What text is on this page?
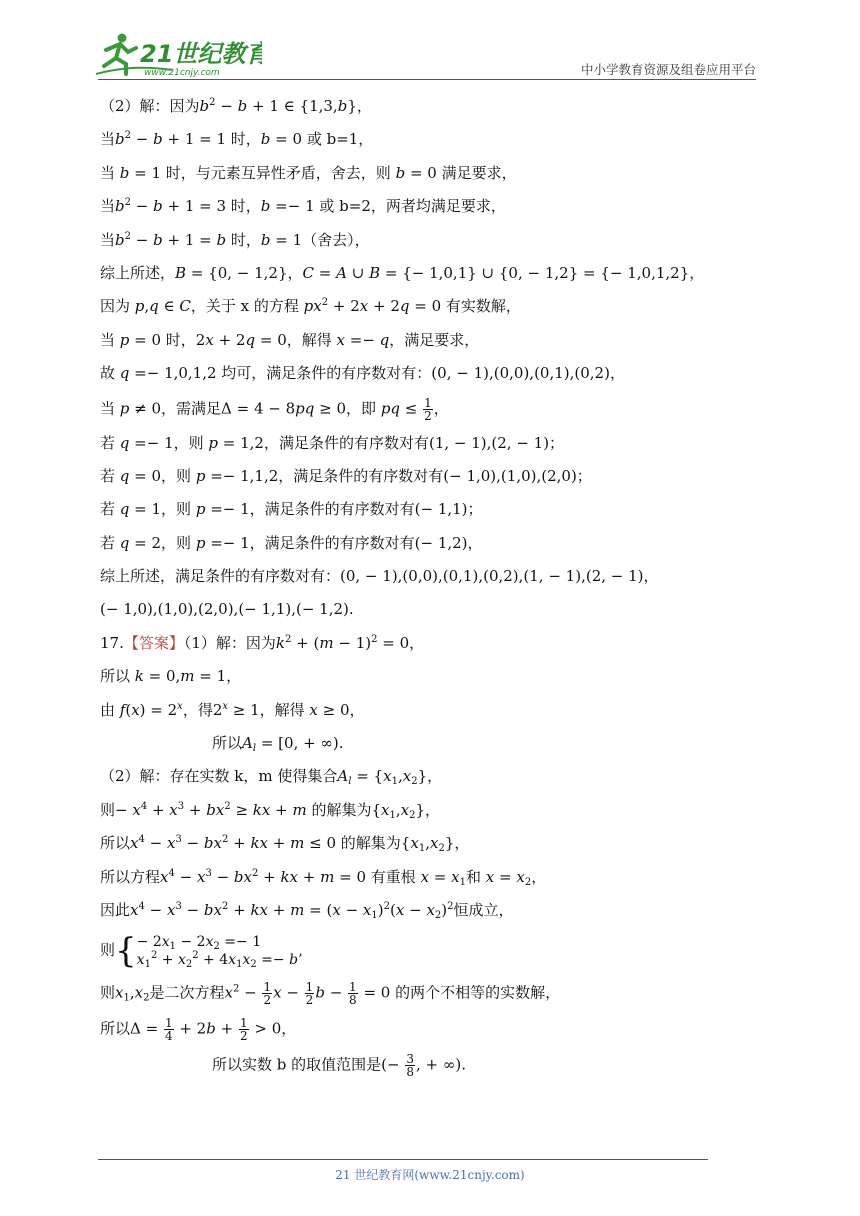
21世纪教育
www.21cnjy.com	中小学教育资源及组卷应用平台
（2）解：因为$b^2 - b + 1$ ∈ {1,3,b}，
当$b^2 - b + 1 = 1$ 时，b = 0 或 b=1，
当 b = 1 时，与元素互异性矛盾，舍去，则 b = 0 满足要求，
当$b^2 - b + 1 = 3$ 时，b =− 1 或 b=2，两者均满足要求，
当$b^2 - b + 1 = b$ 时，b = 1（舍去），
综上所述，B = {0, − 1,2}，C = A ∪ B = {− 1,0,1} ∪ {0, − 1,2} = {− 1,0,1,2}，
因为 p,q ∈ C，关于 x 的方程 $px^2 + 2x + 2q = 0$ 有实数解，
当 p = 0 时，2x + 2q = 0，解得 x =− q，满足要求，
故 q =− 1,0,1,2 均可，满足条件的有序数对有：(0, − 1),(0,0),(0,1),(0,2)，
当 p ≠ 0，需满足Δ = 4 − 8pq ≥ 0，即 pq ≤ $\frac{1}{2}$ ，
若 q =− 1，则 p = 1,2，满足条件的有序数对有(1, − 1),(2, − 1)；
若 q = 0，则 p =− 1,1,2，满足条件的有序数对有(− 1,0),(1,0),(2,0)；
若 q = 1，则 p =− 1，满足条件的有序数对有(− 1,1)；
若 q = 2，则 p =− 1，满足条件的有序数对有(− 1,2)，
综上所述，满足条件的有序数对有：(0, − 1),(0,0),(0,1),(0,2),(1, − 1),(2, − 1)，
(− 1,0),(1,0),(2,0),(− 1,1),(− 1,2).
17.【答案】（1）解：因为$k^2 + (m - 1)^2 = 0$，
所以 k = 0,m = 1，
由 $f(x) = 2^x$，得$2^x \ge 1$，解得 x ≥ 0，
所以$A_l = [0$, + ∞).
（2）解：存在实数 k，m 使得集合$A_l = \{x_1,x_2\}$，
则− $x^4 + x^3 + bx^2$ ≥ kx + m 的解集为$\{x_1,x_2\}$，
所以$x^4 - x^3 - bx^2$ + kx + m ≤ 0 的解集为$\{x_1,x_2\}$，
所以方程$x^4 - x^3 - bx^2$ + kx + m = 0 有重根 $x = x_1$和 $x = x_2$，
因此$x^4 - x^3 - bx^2$ + kx + $m = (x - x_1)^2(x - x_2)^2$恒成立，
则{ − $2x_1 - 2x_2 =- 1$
$x_1^2 + x_2^2 + 4x_1x_2 =- b$’
则$x_1,x_2$是二次方程$x^2 - \frac{1}{2}$ $x - \frac{1}{2}$ $b - \frac{1}{8} = 0$ 的两个不相等的实数解，
所以$\Delta = \frac{1}{4} + 2b + \frac{1}{2} > 0$，
所以实数 b 的取值范围是(− $\frac{3}{8}$ , + ∞).
21 世纪教育网(www.21cnjy.com)
